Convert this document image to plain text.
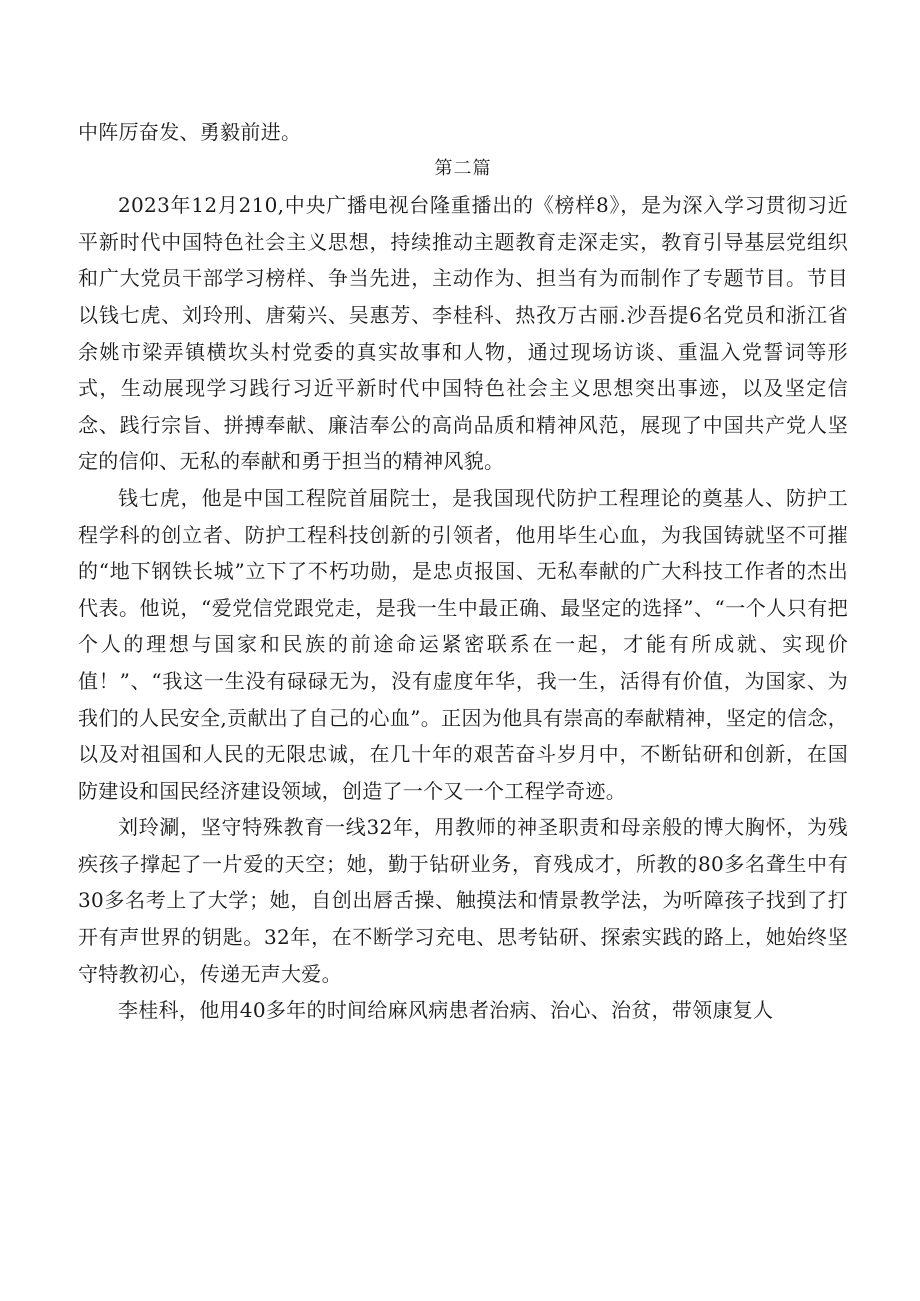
中阵厉奋发、勇毅前进。

第二篇

2023年12月210,中央广播电视台隆重播出的《榜样8》，是为深入学习贯彻习近平新时代中国特色社会主义思想，持续推动主题教育走深走实，教育引导基层党组织和广大党员干部学习榜样、争当先进，主动作为、担当有为而制作了专题节目。节目以钱七虎、刘玲刑、唐菊兴、吴惠芳、李桂科、热孜万古丽.沙吾提6名党员和浙江省余姚市梁弄镇横坎头村党委的真实故事和人物，通过现场访谈、重温入党誓词等形式，生动展现学习践行习近平新时代中国特色社会主义思想突出事迹，以及坚定信念、践行宗旨、拼搏奉献、廉洁奉公的高尚品质和精神风范，展现了中国共产党人坚定的信仰、无私的奉献和勇于担当的精神风貌。

钱七虎，他是中国工程院首届院士，是我国现代防护工程理论的奠基人、防护工程学科的创立者、防护工程科技创新的引领者，他用毕生心血，为我国铸就坚不可摧的“地下钢铁长城”立下了不朽功勋，是忠贞报国、无私奉献的广大科技工作者的杰出代表。他说，“爱党信党跟党走，是我一生中最正确、最坚定的选择”、“一个人只有把个人的理想与国家和民族的前途命运紧密联系在一起，才能有所成就、实现价值！”、“我这一生没有碌碌无为，没有虚度年华，我一生，活得有价值，为国家、为我们的人民安全,贡献出了自己的心血”。正因为他具有崇高的奉献精神，坚定的信念，以及对祖国和人民的无限忠诚，在几十年的艰苦奋斗岁月中，不断钻研和创新，在国防建设和国民经济建设领域，创造了一个又一个工程学奇迹。

刘玲涮，坚守特殊教育一线32年，用教师的神圣职责和母亲般的博大胸怀，为残疾孩子撑起了一片爱的天空；她，勤于钻研业务，育残成才，所教的80多名聋生中有30多名考上了大学；她，自创出唇舌操、触摸法和情景教学法，为听障孩子找到了打开有声世界的钥匙。32年，在不断学习充电、思考钻研、探索实践的路上，她始终坚守特教初心，传递无声大爱。

李桂科，他用40多年的时间给麻风病患者治病、治心、治贫，带领康复人
